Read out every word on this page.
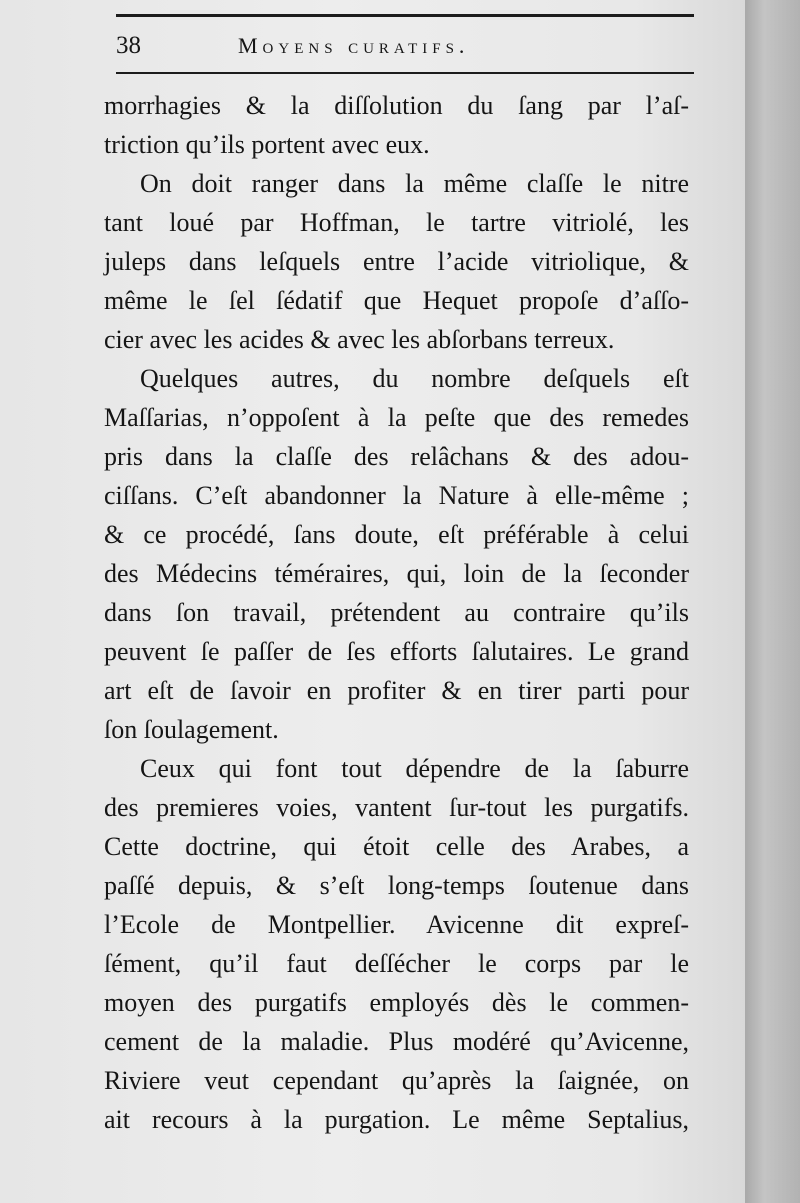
38	Moyens curatifs.
morrhagies & la diſſolution du ſang par l’aſ-
triction qu’ils portent avec eux.
On doit ranger dans la même claſſe le nitre
tant loué par Hoffman, le tartre vitriolé, les
juleps dans leſquels entre l’acide vitriolique, &
même le ſel ſédatif que Hequet propoſe d’aſſo-
cier avec les acides & avec les abſorbans terreux.
Quelques autres, du nombre deſquels eſt
Maſſarias, n’oppoſent à la peſte que des remedes
pris dans la claſſe des relâchans & des adou-
ciſſans. C’eſt abandonner la Nature à elle-même ;
& ce procédé, ſans doute, eſt préférable à celui
des Médecins téméraires, qui, loin de la ſeconder
dans ſon travail, prétendent au contraire qu’ils
peuvent ſe paſſer de ſes efforts ſalutaires. Le grand
art eſt de ſavoir en profiter & en tirer parti pour
ſon ſoulagement.
Ceux qui font tout dépendre de la ſaburre
des premieres voies, vantent ſur-tout les purgatifs.
Cette doctrine, qui étoit celle des Arabes, a
paſſé depuis, & s’eſt long-temps ſoutenue dans
l’Ecole de Montpellier. Avicenne dit expreſ-
ſément, qu’il faut deſſécher le corps par le
moyen des purgatifs employés dès le commen-
cement de la maladie. Plus modéré qu’Avicenne,
Riviere veut cependant qu’après la ſaignée, on
ait recours à la purgation. Le même Septalius,
